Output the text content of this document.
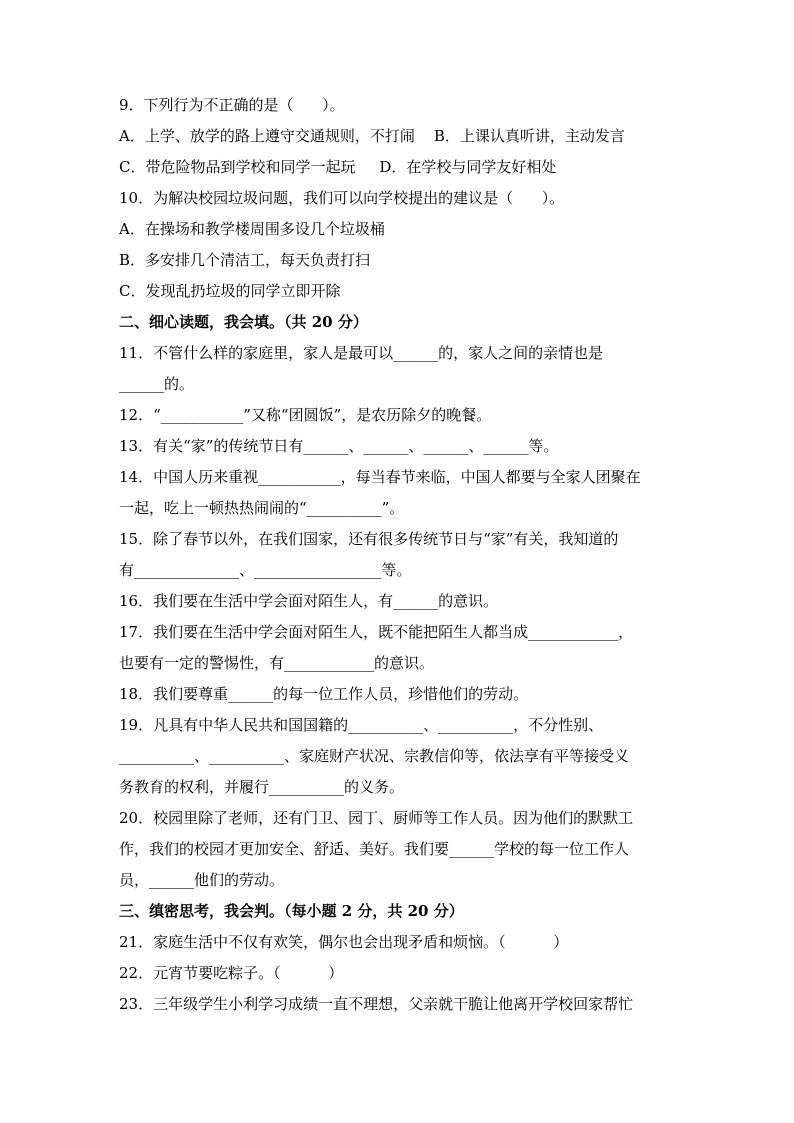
9．下列行为不正确的是（      ）。
A．上学、放学的路上遵守交通规则，不打闹    B．上课认真听讲，主动发言
C．带危险物品到学校和同学一起玩     D．在学校与同学友好相处
10．为解决校园垃圾问题，我们可以向学校提出的建议是（      ）。
A．在操场和教学楼周围多设几个垃圾桶
B．多安排几个清洁工，每天负责打扫
C．发现乱扔垃圾的同学立即开除
二、细心读题，我会填。（共 20 分）
11．不管什么样的家庭里，家人是最可以______的，家人之间的亲情也是
______的。
12．“___________”又称“团圆饭”，是农历除夕的晚餐。
13．有关“家”的传统节日有______、______、______、______等。
14．中国人历来重视___________，每当春节来临，中国人都要与全家人团聚在
一起，吃上一顿热热闹闹的“__________”。
15．除了春节以外，在我们国家，还有很多传统节日与“家”有关，我知道的
有______________、_________________等。
16．我们要在生活中学会面对陌生人，有______的意识。
17．我们要在生活中学会面对陌生人，既不能把陌生人都当成____________，
也要有一定的警惕性，有____________的意识。
18．我们要尊重______的每一位工作人员，珍惜他们的劳动。
19．凡具有中华人民共和国国籍的__________、__________，不分性别、
__________、__________、家庭财产状况、宗教信仰等，依法享有平等接受义
务教育的权利，并履行__________的义务。
20．校园里除了老师，还有门卫、园丁、厨师等工作人员。因为他们的默默工
作，我们的校园才更加安全、舒适、美好。我们要______学校的每一位工作人
员，______他们的劳动。
三、缜密思考，我会判。（每小题 2 分，共 20 分）
21．家庭生活中不仅有欢笑，偶尔也会出现矛盾和烦恼。（          ）
22．元宵节要吃粽子。（          ）
23．三年级学生小利学习成绩一直不理想，父亲就干脆让他离开学校回家帮忙
